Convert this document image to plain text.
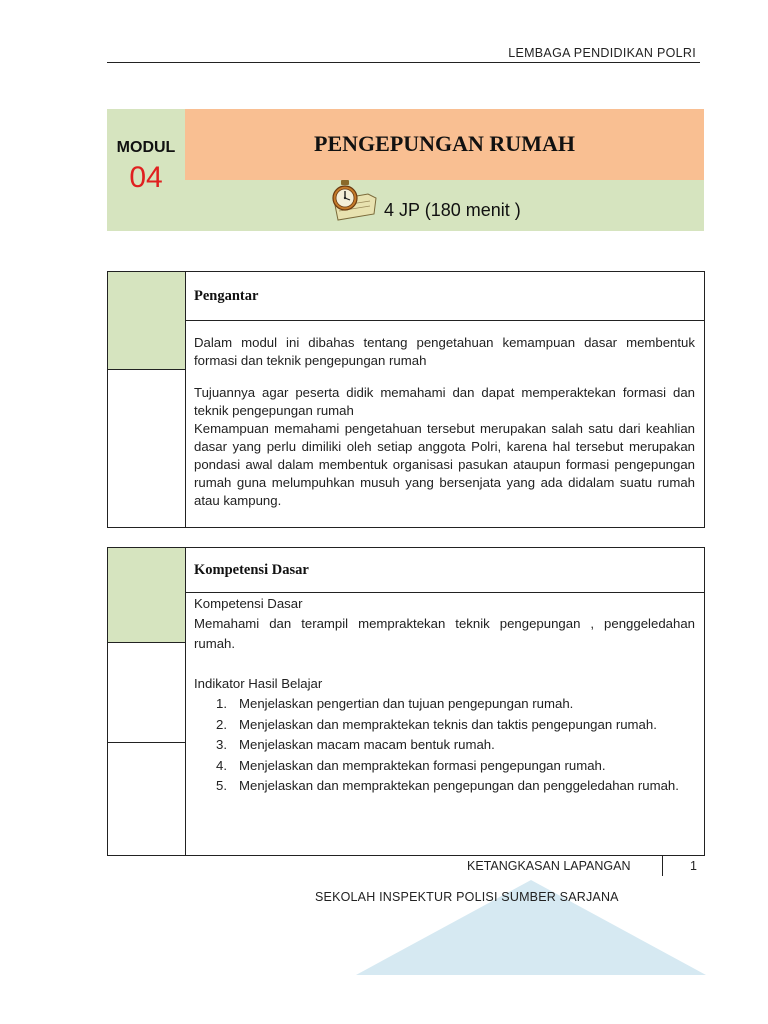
LEMBAGA PENDIDIKAN POLRI
MODUL
04
PENGEPUNGAN RUMAH
4 JP (180 menit )
Pengantar

Dalam modul ini dibahas tentang pengetahuan kemampuan dasar membentuk formasi dan teknik pengepungan rumah

Tujuannya agar peserta didik memahami dan dapat memperaktekan formasi dan teknik pengepungan rumah

Kemampuan memahami pengetahuan tersebut merupakan salah satu dari keahlian dasar yang perlu dimiliki oleh setiap anggota Polri, karena hal tersebut merupakan pondasi awal dalam membentuk organisasi pasukan ataupun formasi pengepungan rumah guna melumpuhkan musuh yang bersenjata yang ada didalam suatu rumah atau kampung.

Kompetensi Dasar

Kompetensi Dasar

Memahami dan terampil mempraktekan teknik pengepungan , penggeledahan rumah.

Indikator Hasil Belajar

1. Menjelaskan pengertian dan tujuan pengepungan rumah.
2. Menjelaskan dan mempraktekan teknis dan taktis pengepungan rumah.
3. Menjelaskan macam macam bentuk rumah.
4. Menjelaskan dan mempraktekan formasi pengepungan rumah.
5. Menjelaskan dan mempraktekan pengepungan dan penggeledahan rumah.
KETANGKASAN LAPANGAN	1
SEKOLAH INSPEKTUR POLISI SUMBER SARJANA
